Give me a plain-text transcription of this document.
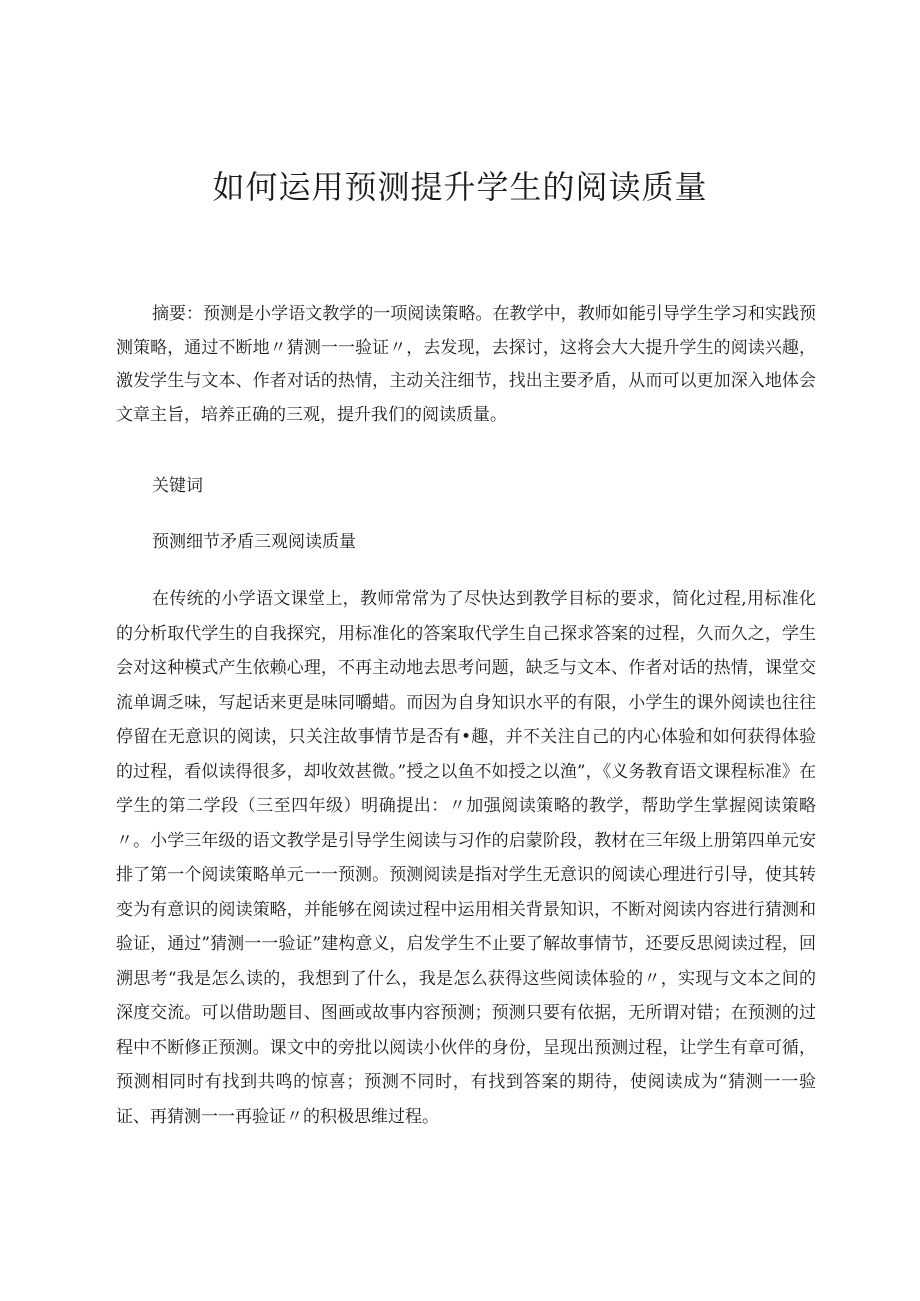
如何运用预测提升学生的阅读质量

摘要：预测是小学语文教学的一项阅读策略。在教学中，教师如能引导学生学习和实践预测策略，通过不断地〃猜测一一验证〃，去发现，去探讨，这将会大大提升学生的阅读兴趣，激发学生与文本、作者对话的热情，主动关注细节，找出主要矛盾，从而可以更加深入地体会文章主旨，培养正确的三观，提升我们的阅读质量。

关键词

预测细节矛盾三观阅读质量

在传统的小学语文课堂上，教师常常为了尽快达到教学目标的要求，简化过程,用标准化的分析取代学生的自我探究，用标准化的答案取代学生自己探求答案的过程，久而久之，学生会对这种模式产生依赖心理，不再主动地去思考问题，缺乏与文本、作者对话的热情，课堂交流单调乏味，写起话来更是味同嚼蜡。而因为自身知识水平的有限，小学生的课外阅读也往往停留在无意识的阅读，只关注故事情节是否有•趣，并不关注自己的内心体验和如何获得体验的过程，看似读得很多，却收效甚微。”授之以鱼不如授之以渔”，《义务教育语文课程标准》在学生的第二学段（三至四年级）明确提出：〃加强阅读策略的教学，帮助学生掌握阅读策略〃。小学三年级的语文教学是引导学生阅读与习作的启蒙阶段，教材在三年级上册第四单元安排了第一个阅读策略单元一一预测。预测阅读是指对学生无意识的阅读心理进行引导，使其转变为有意识的阅读策略，并能够在阅读过程中运用相关背景知识，不断对阅读内容进行猜测和验证，通过”猜测一一验证”建构意义，启发学生不止要了解故事情节，还要反思阅读过程，回溯思考“我是怎么读的，我想到了什么，我是怎么获得这些阅读体验的〃，实现与文本之间的深度交流。可以借助题目、图画或故事内容预测；预测只要有依据，无所谓对错；在预测的过程中不断修正预测。课文中的旁批以阅读小伙伴的身份，呈现出预测过程，让学生有章可循，预测相同时有找到共鸣的惊喜；预测不同时，有找到答案的期待，使阅读成为“猜测一一验证、再猜测一一再验证〃的积极思维过程。
